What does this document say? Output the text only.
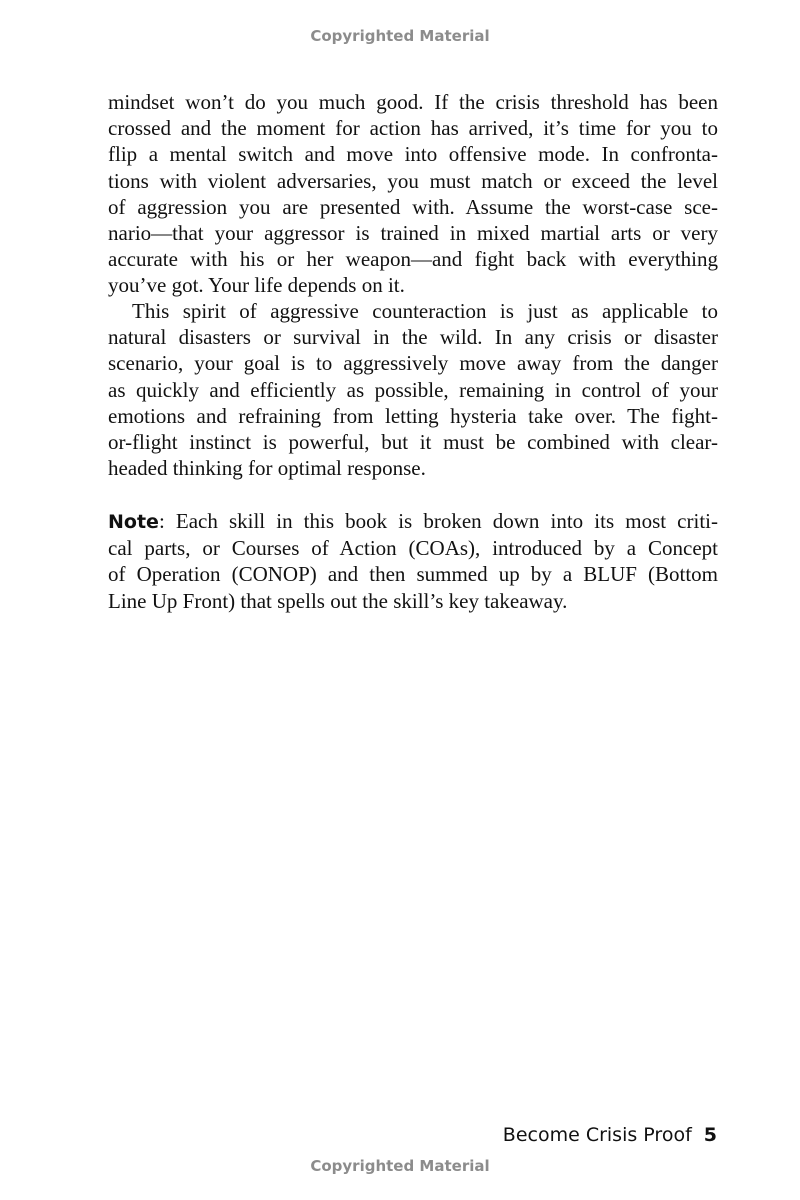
Copyrighted Material
mindset won’t do you much good. If the crisis threshold has been
crossed and the moment for action has arrived, it’s time for you to
flip a mental switch and move into offensive mode. In confronta-
tions with violent adversaries, you must match or exceed the level
of aggression you are presented with. Assume the worst-case sce-
nario—that your aggressor is trained in mixed martial arts or very
accurate with his or her weapon—and fight back with everything
you’ve got. Your life depends on it.
This spirit of aggressive counteraction is just as applicable to
natural disasters or survival in the wild. In any crisis or disaster
scenario, your goal is to aggressively move away from the danger
as quickly and efficiently as possible, remaining in control of your
emotions and refraining from letting hysteria take over. The fight-
or-flight instinct is powerful, but it must be combined with clear-
headed thinking for optimal response.
Note: Each skill in this book is broken down into its most criti-
cal parts, or Courses of Action (COAs), introduced by a Concept
of Operation (CONOP) and then summed up by a BLUF (Bottom
Line Up Front) that spells out the skill’s key takeaway.
Become Crisis Proof 5
Copyrighted Material
